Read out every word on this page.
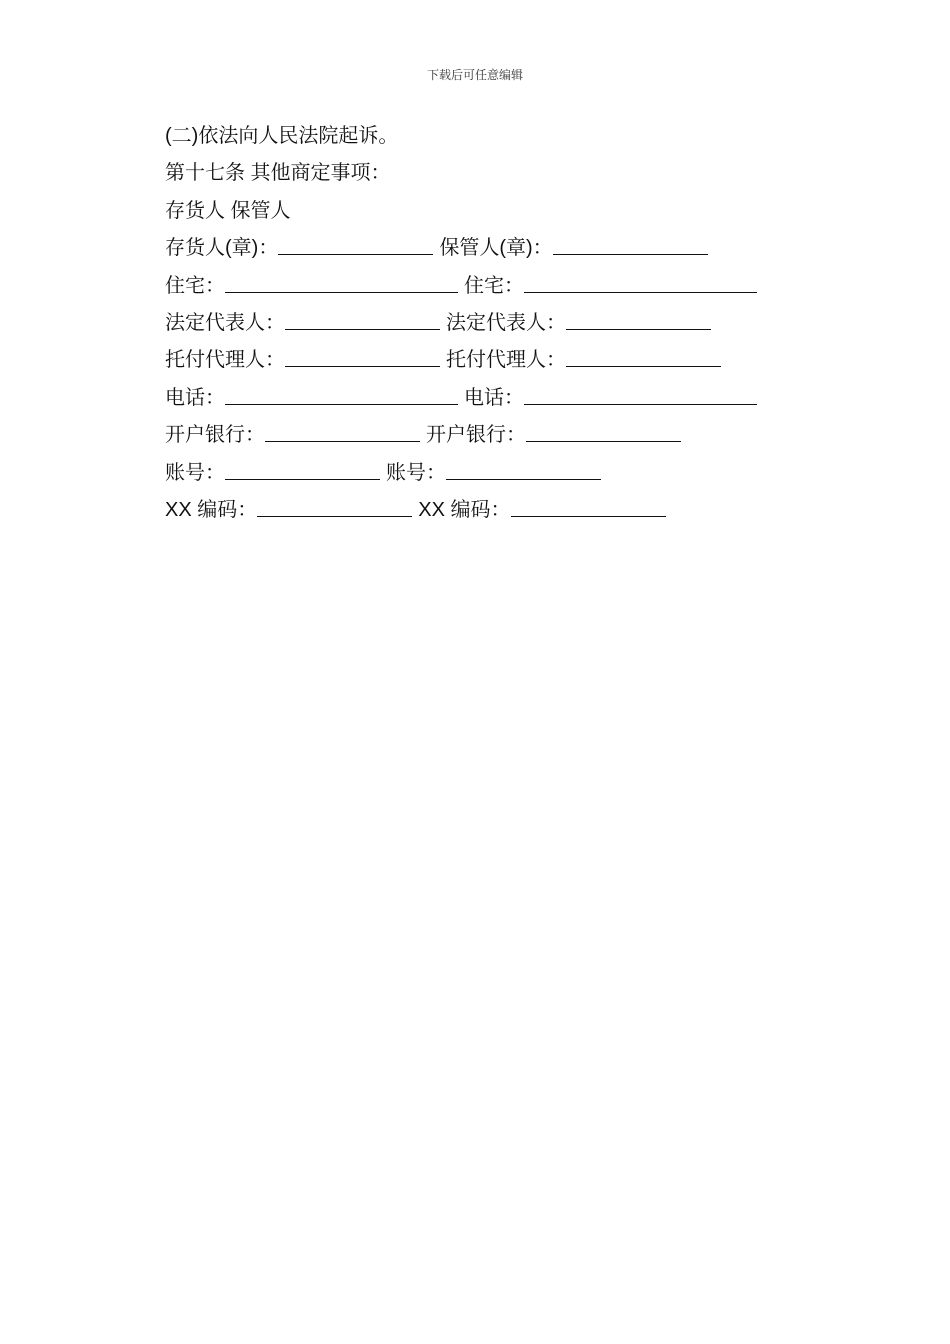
下载后可任意编辑
(二)依法向人民法院起诉。
第十七条 其他商定事项：
存货人 保管人
存货人(章)：	保管人(章)：
住宅：	住宅：
法定代表人：	法定代表人：
托付代理人：	托付代理人：
电话：	电话：
开户银行：	开户银行：
账号：	账号：
XX 编码：	XX 编码：
